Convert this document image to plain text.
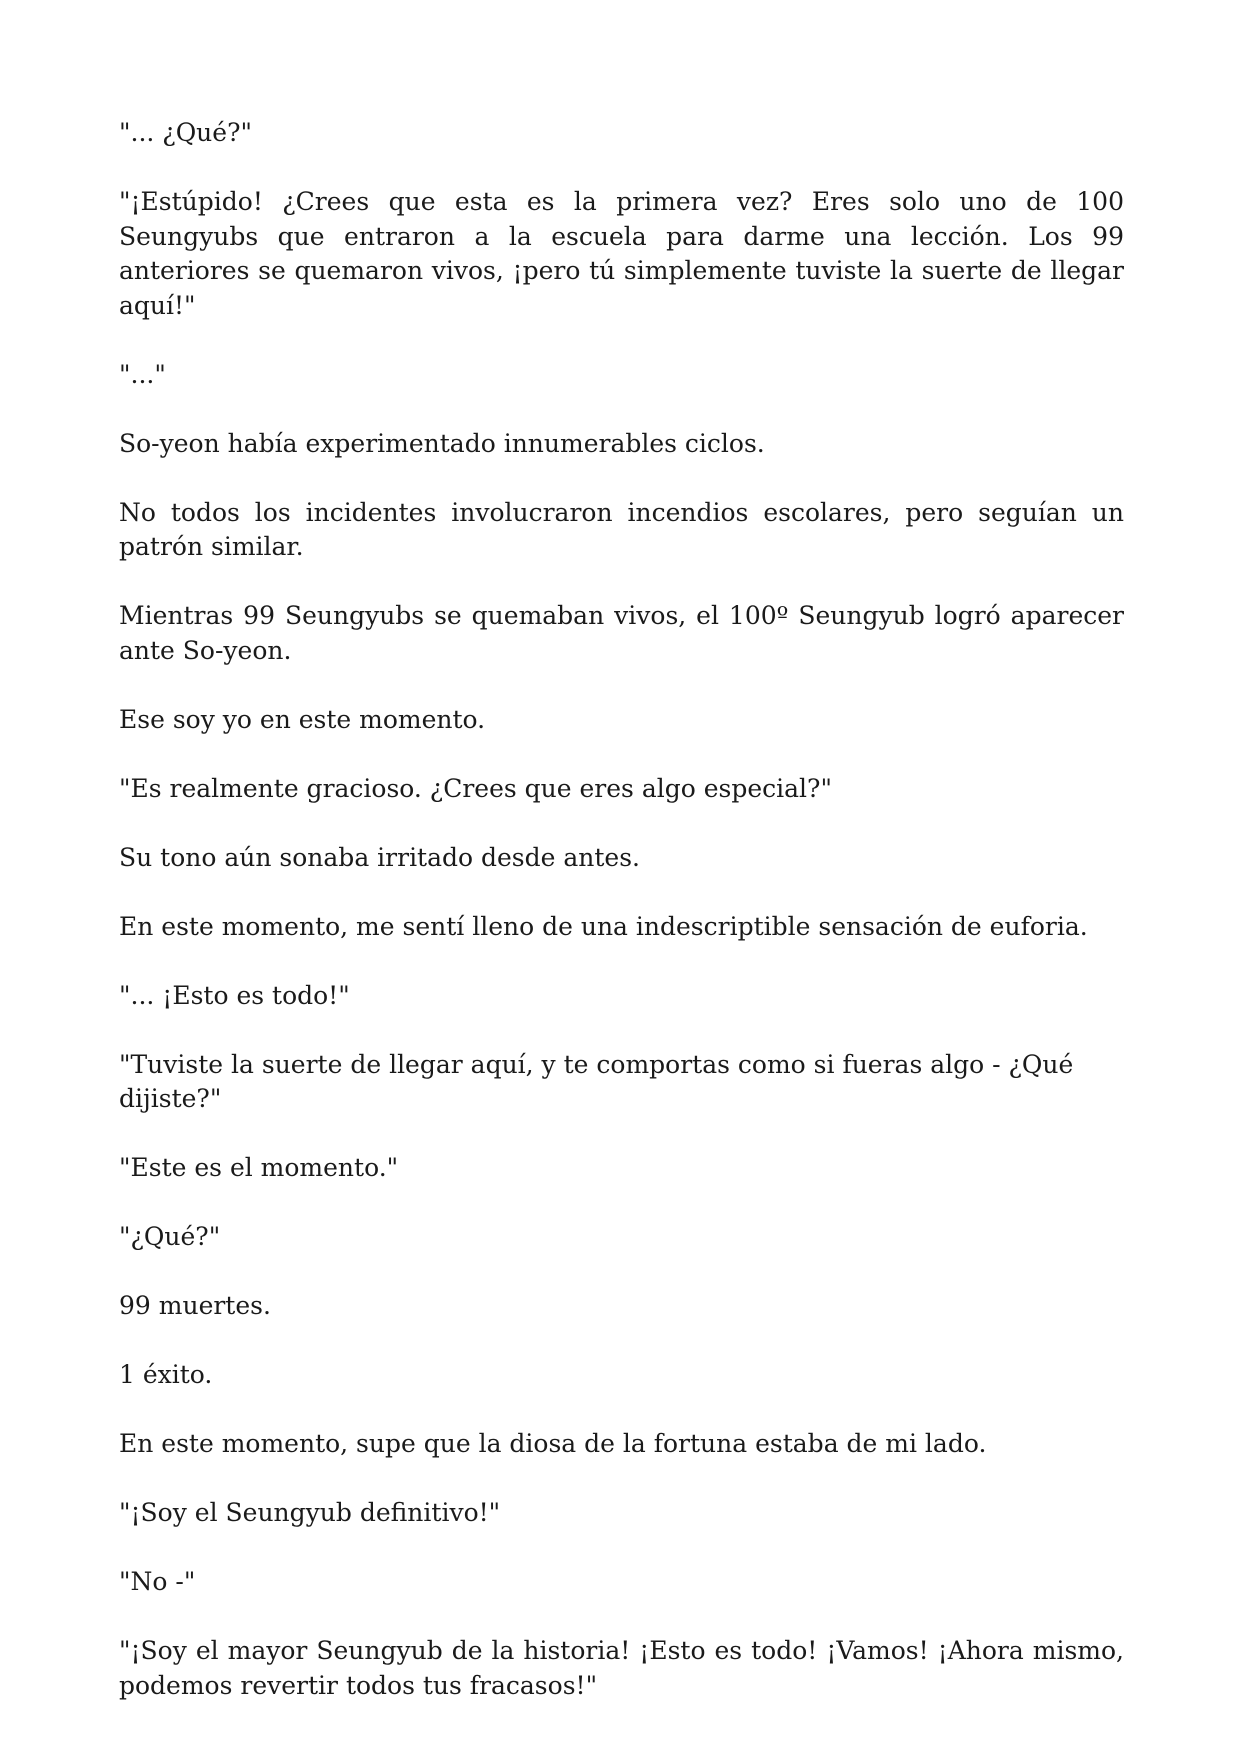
"... ¿Qué?"

"¡Estúpido! ¿Crees que esta es la primera vez? Eres solo uno de 100 Seungyubs que entraron a la escuela para darme una lección. Los 99 anteriores se quemaron vivos, ¡pero tú simplemente tuviste la suerte de llegar aquí!"

"..."

So-yeon había experimentado innumerables ciclos.

No todos los incidentes involucraron incendios escolares, pero seguían un patrón similar.

Mientras 99 Seungyubs se quemaban vivos, el 100º Seungyub logró aparecer ante So-yeon.

Ese soy yo en este momento.

"Es realmente gracioso. ¿Crees que eres algo especial?"

Su tono aún sonaba irritado desde antes.

En este momento, me sentí lleno de una indescriptible sensación de euforia.

"... ¡Esto es todo!"

"Tuviste la suerte de llegar aquí, y te comportas como si fueras algo - ¿Qué dijiste?"

"Este es el momento."

"¿Qué?"

99 muertes.

1 éxito.

En este momento, supe que la diosa de la fortuna estaba de mi lado.

"¡Soy el Seungyub definitivo!"

"No -"

"¡Soy el mayor Seungyub de la historia! ¡Esto es todo! ¡Vamos! ¡Ahora mismo, podemos revertir todos tus fracasos!"
